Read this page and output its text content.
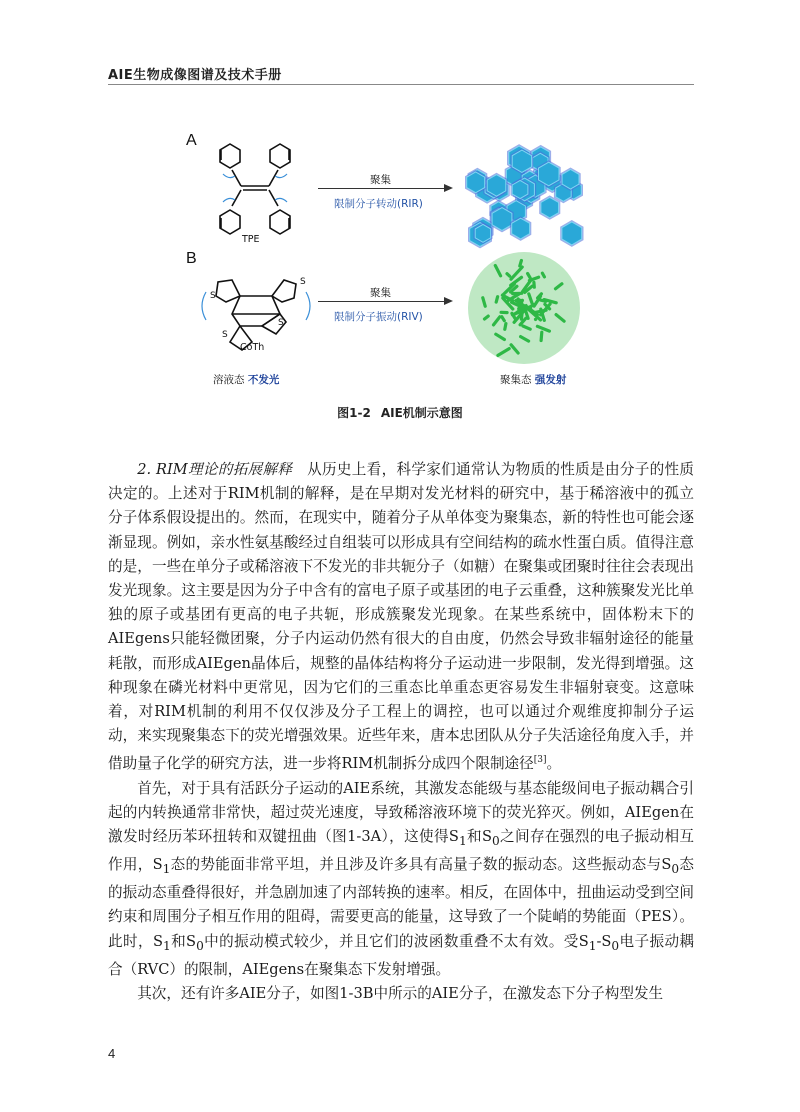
AIE生物成像图谱及技术手册
A
TPE
聚集
限制分子转动(RIR)
B
S
S
S
S
CoTh
聚集
限制分子振动(RIV)
溶液态 不发光	聚集态 强发射
图1-2 AIE机制示意图

2. RIM理论的拓展解释 从历史上看，科学家们通常认为物质的性质是由分子的性质决定的。上述对于RIM机制的解释，是在早期对发光材料的研究中，基于稀溶液中的孤立分子体系假设提出的。然而，在现实中，随着分子从单体变为聚集态，新的特性也可能会逐渐显现。例如，亲水性氨基酸经过自组装可以形成具有空间结构的疏水性蛋白质。值得注意的是，一些在单分子或稀溶液下不发光的非共轭分子（如糖）在聚集或团聚时往往会表现出发光现象。这主要是因为分子中含有的富电子原子或基团的电子云重叠，这种簇聚发光比单独的原子或基团有更高的电子共轭，形成簇聚发光现象。在某些系统中，固体粉末下的AIEgens只能轻微团聚，分子内运动仍然有很大的自由度，仍然会导致非辐射途径的能量耗散，而形成AIEgen晶体后，规整的晶体结构将分子运动进一步限制，发光得到增强。这种现象在磷光材料中更常见，因为它们的三重态比单重态更容易发生非辐射衰变。这意味着，对RIM机制的利用不仅仅涉及分子工程上的调控，也可以通过介观维度抑制分子运动，来实现聚集态下的荧光增强效果。近些年来，唐本忠团队从分子失活途径角度入手，并借助量子化学的研究方法，进一步将RIM机制拆分成四个限制途径[3]。

首先，对于具有活跃分子运动的AIE系统，其激发态能级与基态能级间电子振动耦合引起的内转换通常非常快，超过荧光速度，导致稀溶液环境下的荧光猝灭。例如，AIEgen在激发时经历苯环扭转和双键扭曲（图1-3A），这使得$S_1$和$S_0$之间存在强烈的电子振动相互作用，$S_1$态的势能面非常平坦，并且涉及许多具有高量子数的振动态。这些振动态与$S_0$态的振动态重叠得很好，并急剧加速了内部转换的速率。相反，在固体中，扭曲运动受到空间约束和周围分子相互作用的阻碍，需要更高的能量，这导致了一个陡峭的势能面（PES）。此时，$S_1$和$S_0$中的振动模式较少，并且它们的波函数重叠不太有效。受$S_1-S_0$电子振动耦合（RVC）的限制，AIEgens在聚集态下发射增强。

其次，还有许多AIE分子，如图1-3B中所示的AIE分子，在激发态下分子构型发生

4
